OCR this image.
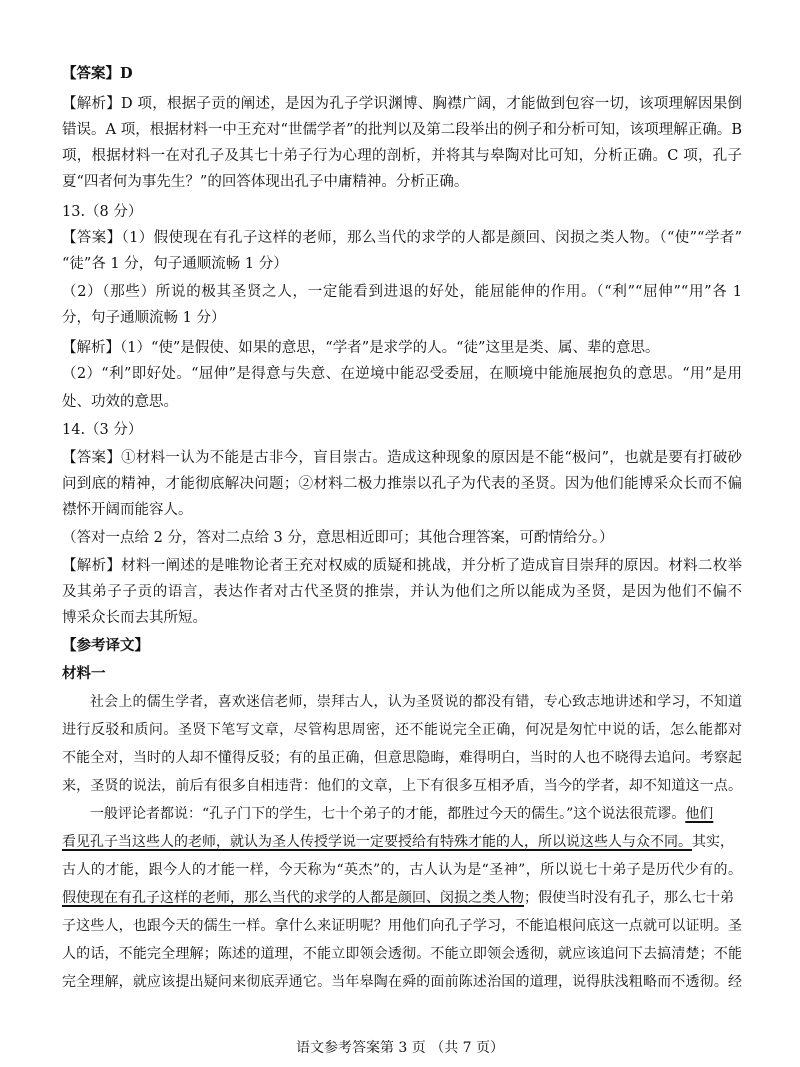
【答案】D
【解析】D 项，根据子贡的阐述，是因为孔子学识渊博、胸襟广阔，才能做到包容一切，该项理解因果倒
错误。A 项，根据材料一中王充对“世儒学者”的批判以及第二段举出的例子和分析可知，该项理解正确。B
项，根据材料一在对孔子及其七十弟子行为心理的剖析，并将其与皋陶对比可知，分析正确。C 项，孔子
夏“四者何为事先生？”的回答体现出孔子中庸精神。分析正确。
13.（8 分）
【答案】（1）假使现在有孔子这样的老师，那么当代的求学的人都是颜回、闵损之类人物。（“使”“学者”
“徒”各 1 分，句子通顺流畅 1 分）
（2）（那些）所说的极其圣贤之人，一定能看到进退的好处，能屈能伸的作用。（“利”“屈伸”“用”各 1
分，句子通顺流畅 1 分）
【解析】（1）“使”是假使、如果的意思，“学者”是求学的人。“徒”这里是类、属、辈的意思。
（2）“利”即好处。“屈伸”是得意与失意、在逆境中能忍受委屈，在顺境中能施展抱负的意思。“用”是用
处、功效的意思。
14.（3 分）
【答案】①材料一认为不能是古非今，盲目崇古。造成这种现象的原因是不能“极问”，也就是要有打破砂
问到底的精神，才能彻底解决问题；②材料二极力推崇以孔子为代表的圣贤。因为他们能博采众长而不偏
襟怀开阔而能容人。
（答对一点给 2 分，答对二点给 3 分，意思相近即可；其他合理答案，可酌情给分。）
【解析】材料一阐述的是唯物论者王充对权威的质疑和挑战，并分析了造成盲目崇拜的原因。材料二枚举
及其弟子子贡的语言，表达作者对古代圣贤的推崇，并认为他们之所以能成为圣贤，是因为他们不偏不
博采众长而去其所短。
【参考译文】
材料一
社会上的儒生学者，喜欢迷信老师，崇拜古人，认为圣贤说的都没有错，专心致志地讲述和学习，不知道
进行反驳和质问。圣贤下笔写文章，尽管构思周密，还不能说完全正确，何况是匆忙中说的话，怎么能都对
不能全对，当时的人却不懂得反驳；有的虽正确，但意思隐晦，难得明白，当时的人也不晓得去追问。考察起
来，圣贤的说法，前后有很多自相违背：他们的文章，上下有很多互相矛盾，当今的学者，却不知道这一点。
一般评论者都说：“孔子门下的学生，七十个弟子的才能，都胜过今天的儒生。”这个说法很荒谬。他们
看见孔子当这些人的老师，就认为圣人传授学说一定要授给有特殊才能的人，所以说这些人与众不同。其实，
古人的才能，跟今人的才能一样，今天称为“英杰”的，古人认为是“圣神”，所以说七十弟子是历代少有的。
假使现在有孔子这样的老师，那么当代的求学的人都是颜回、闵损之类人物；假使当时没有孔子，那么七十弟
子这些人，也跟今天的儒生一样。拿什么来证明呢？用他们向孔子学习，不能追根问底这一点就可以证明。圣
人的话，不能完全理解；陈述的道理，不能立即领会透彻。不能立即领会透彻，就应该追问下去搞清楚；不能
完全理解，就应该提出疑问来彻底弄通它。当年皋陶在舜的面前陈述治国的道理，说得肤浅粗略而不透彻。经
语文参考答案第 3 页 （共 7 页）
